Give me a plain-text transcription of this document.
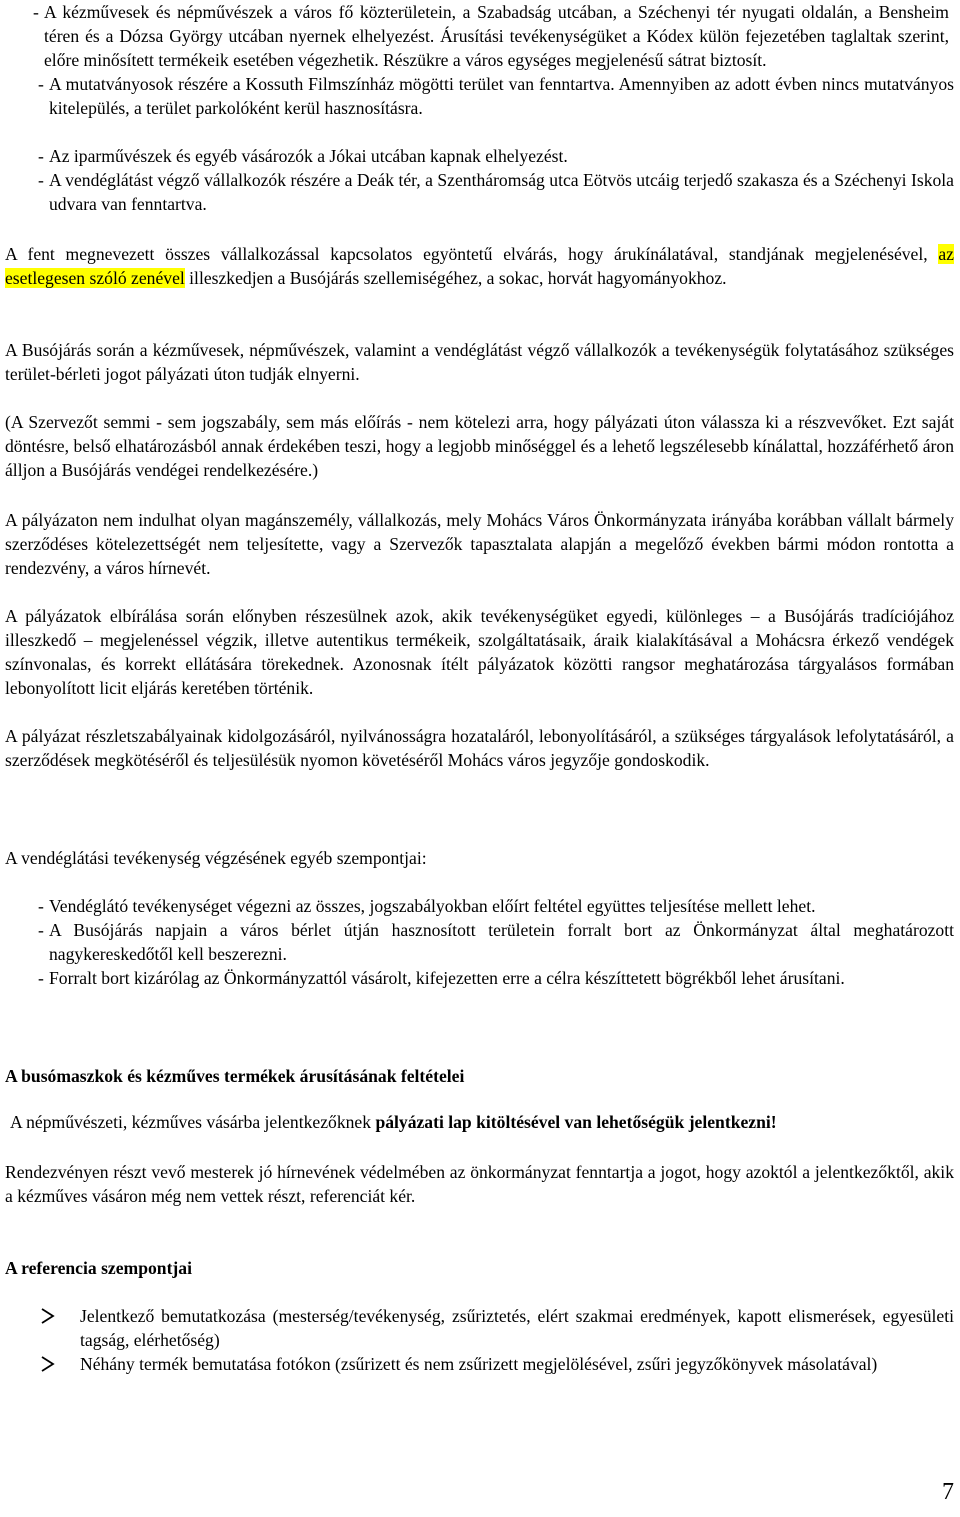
- A kézművesek és népművészek a város fő közterületein, a Szabadság utcában, a Széchenyi tér nyugati oldalán, a Bensheim téren és a Dózsa György utcában nyernek elhelyezést. Árusítási tevékenységüket a Kódex külön fejezetében taglaltak szerint, előre minősített termékeik esetében végezhetik. Részükre a város egységes megjelenésű sátrat biztosít.
- A mutatványosok részére a Kossuth Filmszínház mögötti terület van fenntartva. Amennyiben az adott évben nincs mutatványos kitelepülés, a terület parkolóként kerül hasznosításra.
- Az iparművészek és egyéb vásározók a Jókai utcában kapnak elhelyezést.
- A vendéglátást végző vállalkozók részére a Deák tér, a Szentháromság utca Eötvös utcáig terjedő szakasza és a Széchenyi Iskola udvara van fenntartva.

A fent megnevezett összes vállalkozással kapcsolatos egyöntetű elvárás, hogy árukínálatával, standjának megjelenésével, az esetlegesen szóló zenével illeszkedjen a Busójárás szellemiségéhez, a sokac, horvát hagyományokhoz.

A Busójárás során a kézművesek, népművészek, valamint a vendéglátást végző vállalkozók a tevékenységük folytatásához szükséges terület-bérleti jogot pályázati úton tudják elnyerni.

(A Szervezőt semmi - sem jogszabály, sem más előírás - nem kötelezi arra, hogy pályázati úton válassza ki a részvevőket. Ezt saját döntésre, belső elhatározásból annak érdekében teszi, hogy a legjobb minőséggel és a lehető legszélesebb kínálattal, hozzáférhető áron álljon a Busójárás vendégei rendelkezésére.)

A pályázaton nem indulhat olyan magánszemély, vállalkozás, mely Mohács Város Önkormányzata irányába korábban vállalt bármely szerződéses kötelezettségét nem teljesítette, vagy a Szervezők tapasztalata alapján a megelőző években bármi módon rontotta a rendezvény, a város hírnevét.

A pályázatok elbírálása során előnyben részesülnek azok, akik tevékenységüket egyedi, különleges – a Busójárás tradíciójához illeszkedő – megjelenéssel végzik, illetve autentikus termékeik, szolgáltatásaik, áraik kialakításával a Mohácsra érkező vendégek színvonalas, és korrekt ellátására törekednek. Azonosnak ítélt pályázatok közötti rangsor meghatározása tárgyalásos formában lebonyolított licit eljárás keretében történik.

A pályázat részletszabályainak kidolgozásáról, nyilvánosságra hozataláról, lebonyolításáról, a szükséges tárgyalások lefolytatásáról, a szerződések megkötéséről és teljesülésük nyomon követéséről Mohács város jegyzője gondoskodik.

A vendéglátási tevékenység végzésének egyéb szempontjai:

- Vendéglátó tevékenységet végezni az összes, jogszabályokban előírt feltétel együttes teljesítése mellett lehet.
- A Busójárás napjain a város bérlet útján hasznosított területein forralt bort az Önkormányzat által meghatározott nagykereskedőtől kell beszerezni.
- Forralt bort kizárólag az Önkormányzattól vásárolt, kifejezetten erre a célra készíttetett bögrékből lehet árusítani.

A busómaszkok és kézműves termékek árusításának feltételei

A népművészeti, kézműves vásárba jelentkezőknek pályázati lap kitöltésével van lehetőségük jelentkezni!

Rendezvényen részt vevő mesterek jó hírnevének védelmében az önkormányzat fenntartja a jogot, hogy azoktól a jelentkezőktől, akik a kézműves vásáron még nem vettek részt, referenciát kér.

A referencia szempontjai

Jelentkező bemutatkozása (mesterség/tevékenység, zsűriztetés, elért szakmai eredmények, kapott elismerések, egyesületi tagság, elérhetőség)
Néhány termék bemutatása fotókon (zsűrizett és nem zsűrizett megjelölésével, zsűri jegyzőkönyvek másolatával)
7
